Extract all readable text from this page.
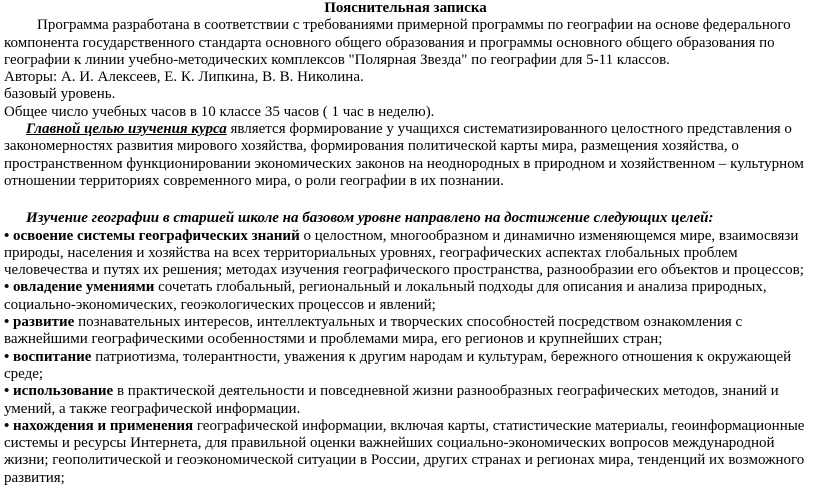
Пояснительная записка

Программа разработана в соответствии с требованиями примерной программы по географии на основе федерального компонента государственного стандарта основного общего образования и программы основного общего образования по географии к линии учебно-методических комплексов "Полярная Звезда" по географии для 5-11 классов.

Авторы: А. И. Алексеев, Е. К. Липкина, В. В. Николина.

базовый уровень.

Общее число учебных часов в 10 классе 35 часов ( 1 час в неделю).

Главной целью изучения курса является формирование у учащихся систематизированного целостного представления о закономерностях развития мирового хозяйства, формирования политической карты мира, размещения хозяйства, о пространственном функционировании экономических законов на неоднородных в природном и хозяйственном – культурном отношении территориях современного мира, о роли географии в их познании.

Изучение географии в старшей школе на базовом уровне направлено на достижение следующих целей:

• освоение системы географических знаний о целостном, многообразном и динамично изменяющемся мире, взаимосвязи природы, населения и хозяйства на всех территориальных уровнях, географических аспектах глобальных проблем человечества и путях их решения; методах изучения географического пространства, разнообразии его объектов и процессов;

• овладение умениями сочетать глобальный, региональный и локальный подходы для описания и анализа природных, социально-экономических, геоэкологических процессов и явлений;

• развитие познавательных интересов, интеллектуальных и творческих способностей посредством ознакомления с важнейшими географическими особенностями и проблемами мира, его регионов и крупнейших стран;

• воспитание патриотизма, толерантности, уважения к другим народам и культурам, бережного отношения к окружающей среде;

• использование в практической деятельности и повседневной жизни разнообразных географических методов, знаний и умений, а также географической информации.

• нахождения и применения географической информации, включая карты, статистические материалы, геоинформационные системы и ресурсы Интернета, для правильной оценки важнейших социально-экономических вопросов международной жизни; геополитической и геоэкономической ситуации в России, других странах и регионах мира, тенденций их возможного развития;
